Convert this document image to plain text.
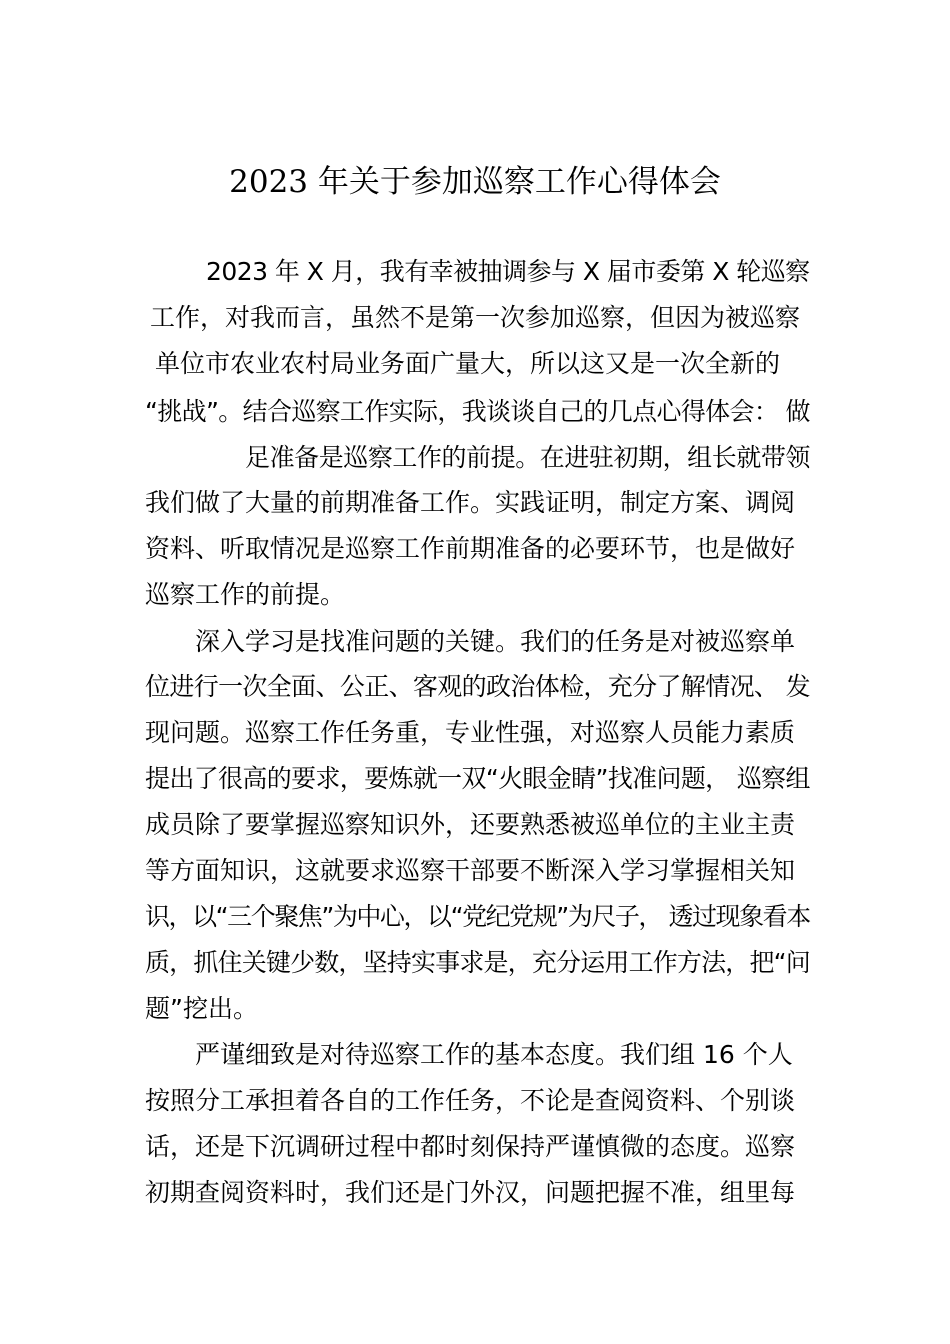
2023 年关于参加巡察工作心得体会
2023 年 X 月，我有幸被抽调参与 X 届市委第 X 轮巡察
工作，对我而言，虽然不是第一次参加巡察，但因为被巡察
单位市农业农村局业务面广量大，所以这又是一次全新的
“挑战”。结合巡察工作实际，我谈谈自己的几点心得体会： 做
足准备是巡察工作的前提。在进驻初期，组长就带领
我们做了大量的前期准备工作。实践证明，制定方案、调阅
资料、听取情况是巡察工作前期准备的必要环节，也是做好
巡察工作的前提。
深入学习是找准问题的关键。我们的任务是对被巡察单
位进行一次全面、公正、客观的政治体检，充分了解情况、 发
现问题。巡察工作任务重，专业性强，对巡察人员能力素质
提出了很高的要求，要炼就一双“火眼金睛”找准问题， 巡察组
成员除了要掌握巡察知识外，还要熟悉被巡单位的主业主责
等方面知识，这就要求巡察干部要不断深入学习掌握相关知
识，以“三个聚焦”为中心，以“党纪党规”为尺子， 透过现象看本
质，抓住关键少数，坚持实事求是，充分运用工作方法，把“问
题”挖出。
严谨细致是对待巡察工作的基本态度。我们组 16 个人
按照分工承担着各自的工作任务，不论是查阅资料、个别谈
话，还是下沉调研过程中都时刻保持严谨慎微的态度。巡察
初期查阅资料时，我们还是门外汉，问题把握不准，组里每
